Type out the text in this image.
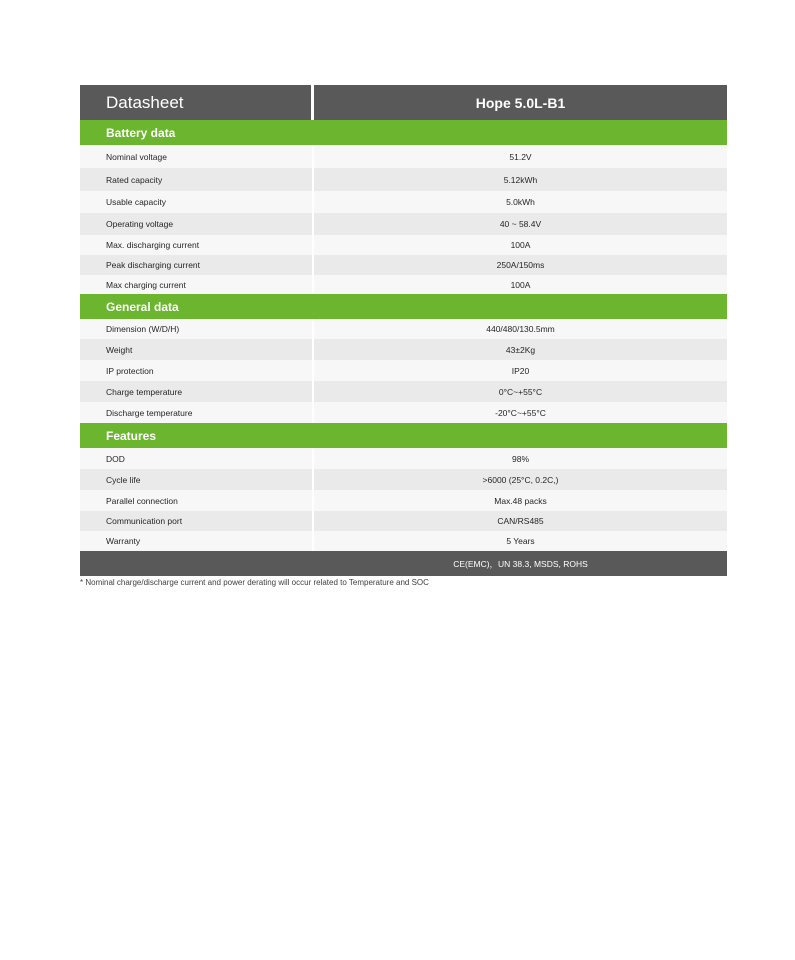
Datasheet	Hope 5.0L-B1
Battery data
Nominal voltage	51.2V
Rated capacity	5.12kWh
Usable capacity	5.0kWh
Operating voltage	40 ~ 58.4V
Max. discharging current	100A
Peak discharging current	250A/150ms
Max charging current	100A
General data
Dimension (W/D/H)	440/480/130.5mm
Weight	43±2Kg
IP protection	IP20
Charge temperature	0°C~+55°C
Discharge temperature	-20°C~+55°C
Features
DOD	98%
Cycle life	>6000 (25°C, 0.2C,)
Parallel connection	Max.48 packs
Communication port	CAN/RS485
Warranty	5 Years
CE(EMC)，UN 38.3, MSDS, ROHS
* Nominal charge/discharge current and power derating will occur related to Temperature and SOC
